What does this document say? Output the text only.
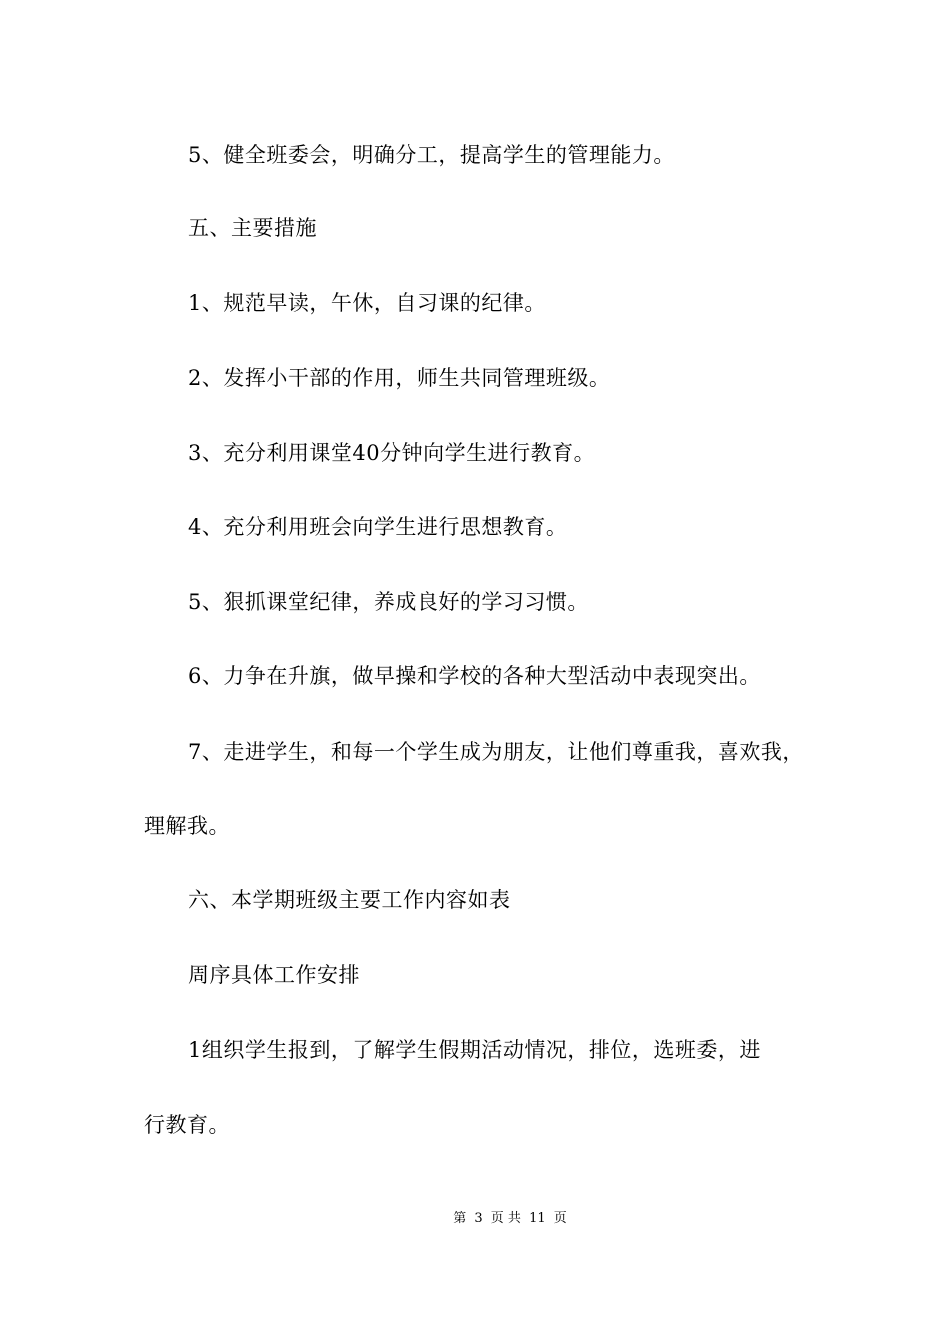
5、健全班委会，明确分工，提高学生的管理能力。
五、主要措施
1、规范早读，午休，自习课的纪律。
2、发挥小干部的作用，师生共同管理班级。
3、充分利用课堂40分钟向学生进行教育。
4、充分利用班会向学生进行思想教育。
5、狠抓课堂纪律，养成良好的学习习惯。
6、力争在升旗，做早操和学校的各种大型活动中表现突出。
7、走进学生，和每一个学生成为朋友，让他们尊重我，喜欢我，
理解我。
六、本学期班级主要工作内容如表
周序具体工作安排
1组织学生报到，了解学生假期活动情况，排位，选班委，进
行教育。
第 3 页 共 11 页
